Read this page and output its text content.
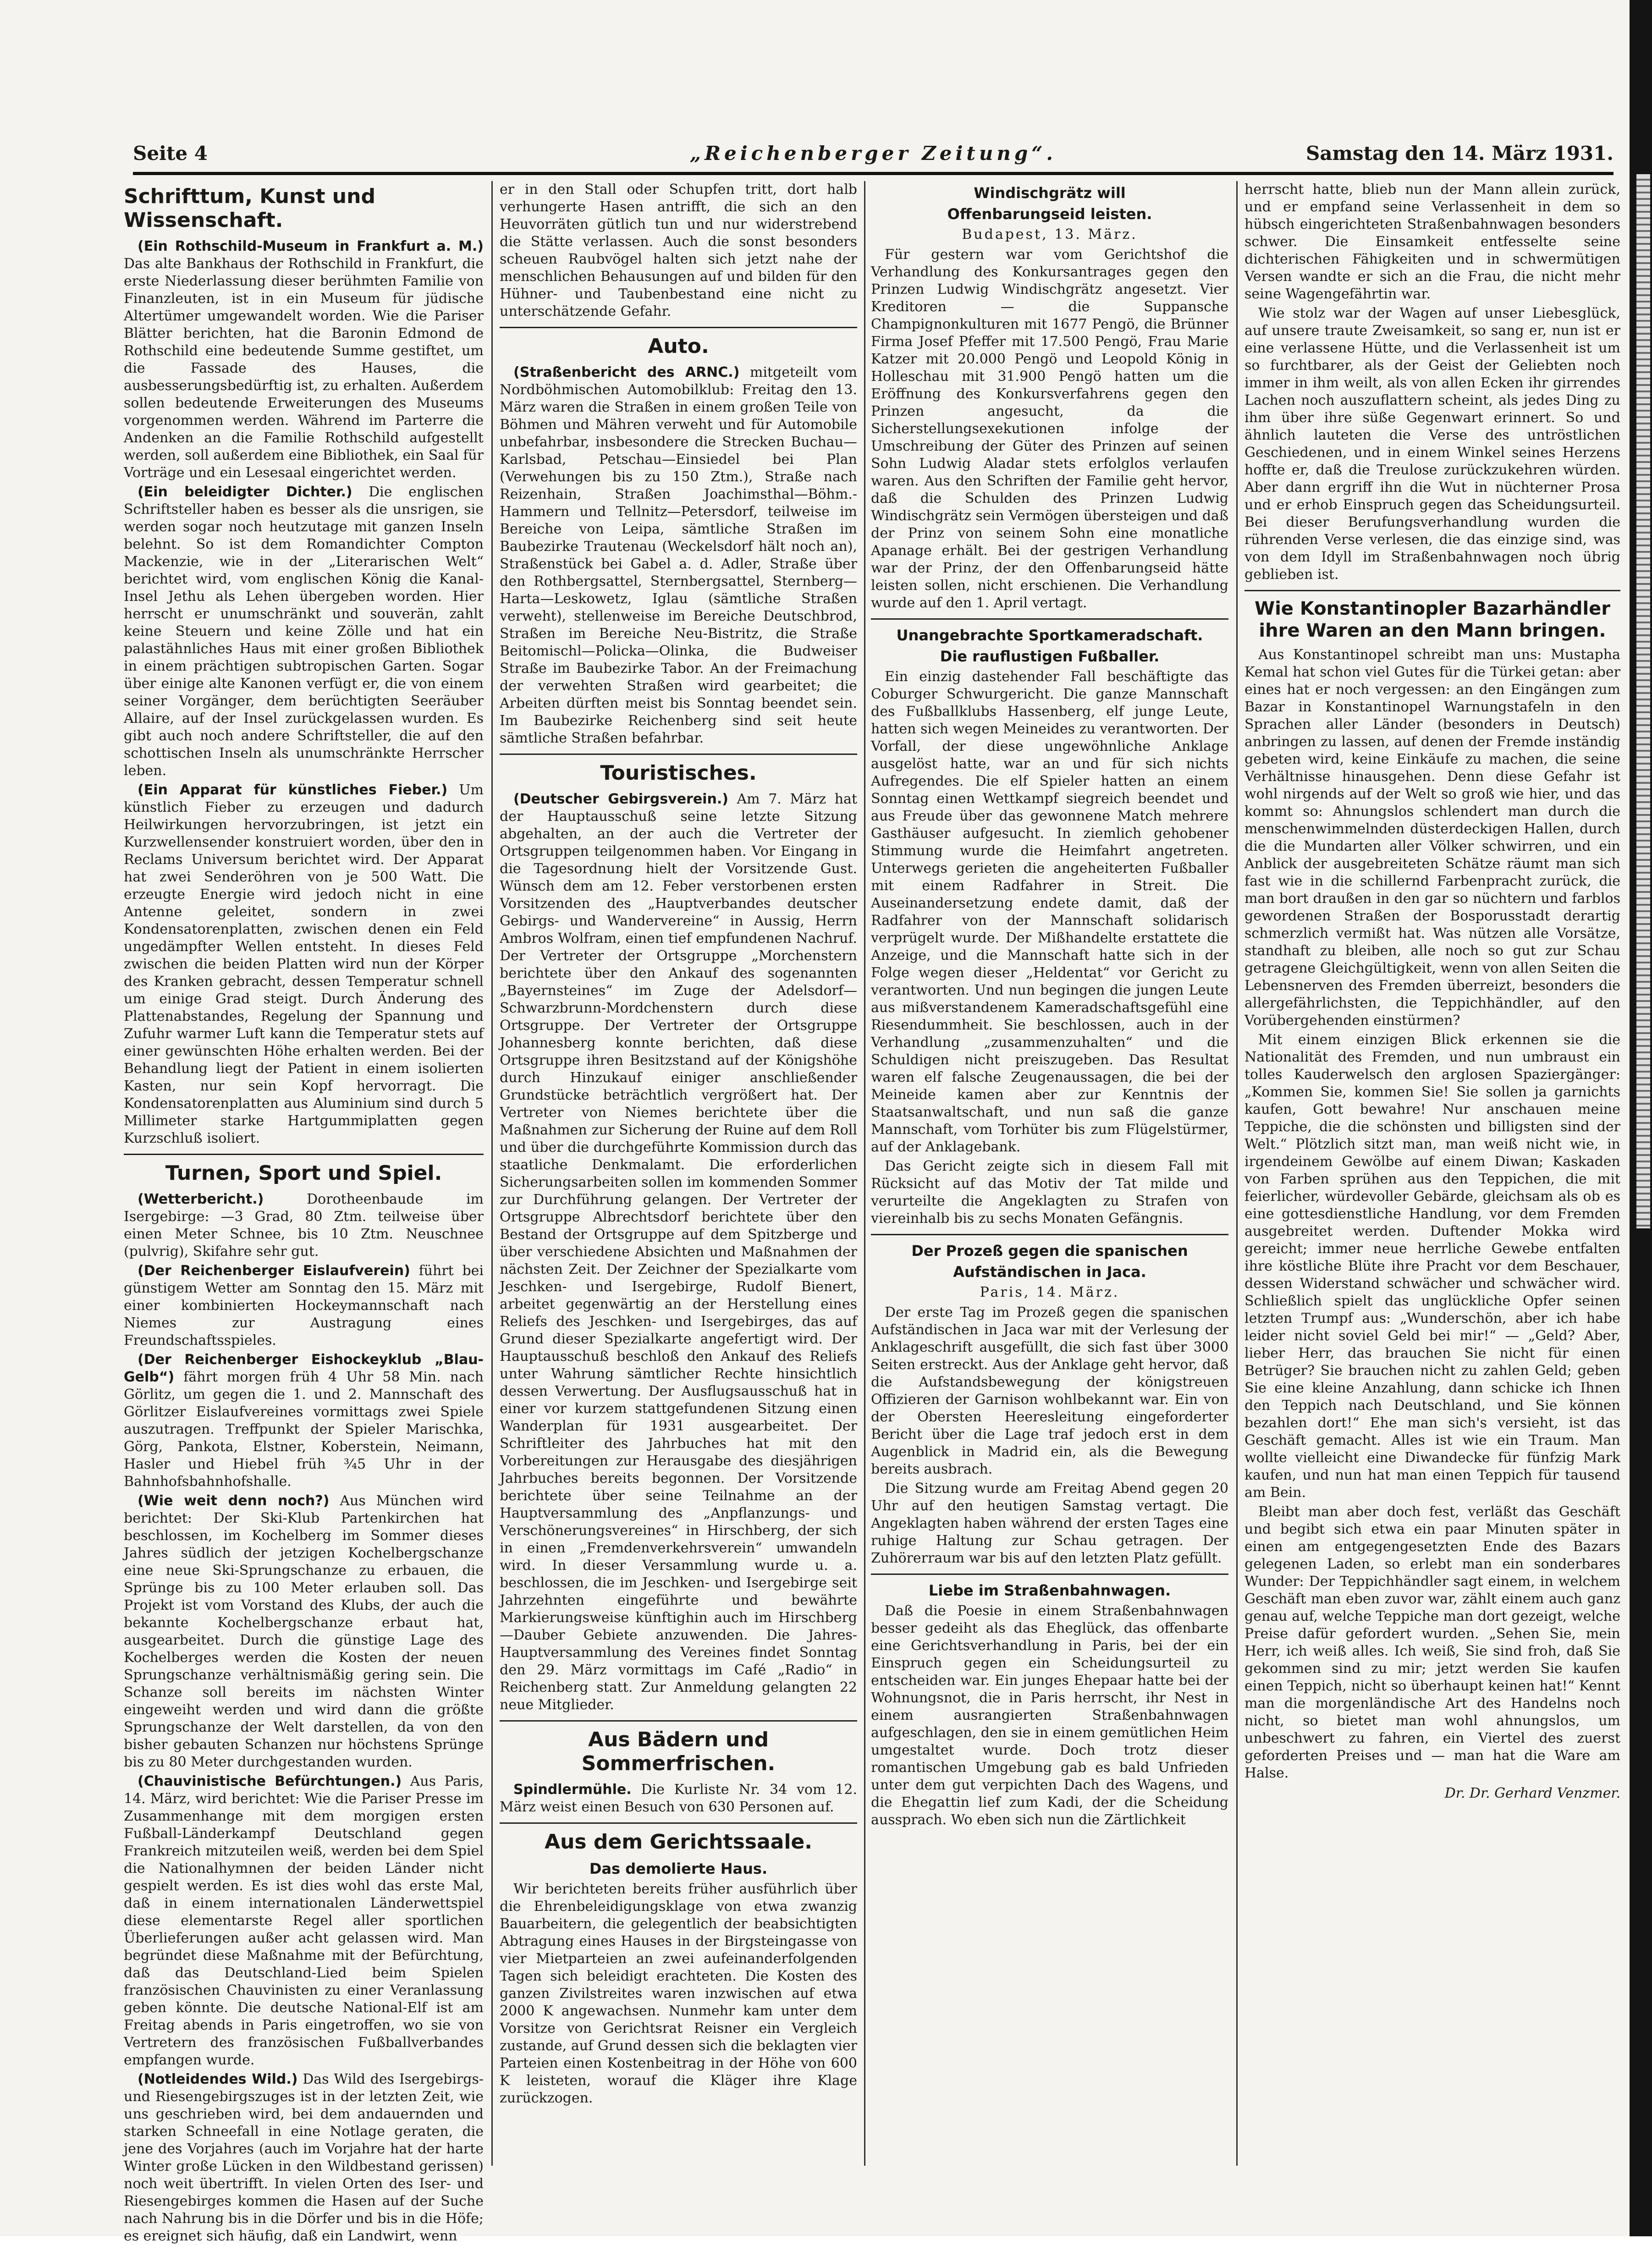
Seite 4	„Reichenberger Zeitung“.	Samstag den 14. März 1931.
Schrifttum, Kunst und Wissenschaft.

(Ein Rothschild-Museum in Frankfurt a. M.) Das alte Bankhaus der Rothschild in Frankfurt, die erste Niederlassung dieser berühmten Familie von Finanzleuten, ist in ein Museum für jüdische Altertümer umgewandelt worden. Wie die Pariser Blätter berichten, hat die Baronin Edmond de Rothschild eine bedeutende Summe gestiftet, um die Fassade des Hauses, die ausbesserungsbedürftig ist, zu erhalten. Außerdem sollen bedeutende Erweiterungen des Museums vorgenommen werden. Während im Parterre die Andenken an die Familie Rothschild aufgestellt werden, soll außerdem eine Bibliothek, ein Saal für Vorträge und ein Lesesaal eingerichtet werden.

(Ein beleidigter Dichter.) Die englischen Schriftsteller haben es besser als die unsrigen, sie werden sogar noch heutzutage mit ganzen Inseln belehnt. So ist dem Romandichter Compton Mackenzie, wie in der „Literarischen Welt“ berichtet wird, vom englischen König die Kanal-Insel Jethu als Lehen übergeben worden. Hier herrscht er unumschränkt und souverän, zahlt keine Steuern und keine Zölle und hat ein palastähnliches Haus mit einer großen Bibliothek in einem prächtigen subtropischen Garten. Sogar über einige alte Kanonen verfügt er, die von einem seiner Vorgänger, dem berüchtigten Seeräuber Allaire, auf der Insel zurückgelassen wurden. Es gibt auch noch andere Schriftsteller, die auf den schottischen Inseln als unumschränkte Herrscher leben.

(Ein Apparat für künstliches Fieber.) Um künstlich Fieber zu erzeugen und dadurch Heilwirkungen hervorzubringen, ist jetzt ein Kurzwellensender konstruiert worden, über den in Reclams Universum berichtet wird. Der Apparat hat zwei Senderöhren von je 500 Watt. Die erzeugte Energie wird jedoch nicht in eine Antenne geleitet, sondern in zwei Kondensatorenplatten, zwischen denen ein Feld ungedämpfter Wellen entsteht. In dieses Feld zwischen die beiden Platten wird nun der Körper des Kranken gebracht, dessen Temperatur schnell um einige Grad steigt. Durch Änderung des Plattenabstandes, Regelung der Spannung und Zufuhr warmer Luft kann die Temperatur stets auf einer gewünschten Höhe erhalten werden. Bei der Behandlung liegt der Patient in einem isolierten Kasten, nur sein Kopf hervorragt. Die Kondensatorenplatten aus Aluminium sind durch 5 Millimeter starke Hartgummiplatten gegen Kurzschluß isoliert.

Turnen, Sport und Spiel.

(Wetterbericht.)	Dorotheenbaude im Isergebirge: —3 Grad, 80 Ztm. teilweise über einen Meter Schnee, bis 10 Ztm. Neuschnee (pulvrig), Skifahre sehr gut.

(Der Reichenberger Eislaufverein) führt bei günstigem Wetter am Sonntag den 15. März mit einer kombinierten Hockeymannschaft nach Niemes zur Austragung eines Freundschaftsspieles.

(Der Reichenberger Eishockeyklub „Blau-Gelb“) fährt morgen früh 4 Uhr 58 Min. nach Görlitz, um gegen die 1. und 2. Mannschaft des Görlitzer Eislaufvereines vormittags zwei Spiele auszutragen. Treffpunkt der Spieler Marischka, Görg, Pankota, Elstner, Koberstein, Neimann, Hasler und Hiebel früh ¾5 Uhr in der Bahnhofsbahnhofshalle.

(Wie weit denn noch?) Aus München wird berichtet: Der Ski-Klub Partenkirchen hat beschlossen, im Kochelberg im Sommer dieses Jahres südlich der jetzigen Kochelbergschanze eine neue Ski-Sprungschanze zu erbauen, die Sprünge bis zu 100 Meter erlauben soll. Das Projekt ist vom Vorstand des Klubs, der auch die bekannte Kochelbergschanze erbaut hat, ausgearbeitet. Durch die günstige Lage des Kochelberges werden die Kosten der neuen Sprungschanze verhältnismäßig gering sein. Die Schanze soll bereits im nächsten Winter eingeweiht werden und wird dann die größte Sprungschanze der Welt darstellen, da von den bisher gebauten Schanzen nur höchstens Sprünge bis zu 80 Meter durchgestanden wurden.

(Chauvinistische Befürchtungen.) Aus Paris, 14. März, wird berichtet: Wie die Pariser Presse im Zusammenhange mit dem morgigen ersten Fußball-Länderkampf Deutschland gegen Frankreich mitzuteilen weiß, werden bei dem Spiel die Nationalhymnen der beiden Länder nicht gespielt werden. Es ist dies wohl das erste Mal, daß in einem internationalen Länderwettspiel diese elementarste Regel aller sportlichen Überlieferungen außer acht gelassen wird. Man begründet diese Maßnahme mit der Befürchtung, daß das Deutschland-Lied beim Spielen französischen Chauvinisten zu einer Veranlassung geben könnte. Die deutsche National-Elf ist am Freitag abends in Paris eingetroffen, wo sie von Vertretern des französischen Fußballverbandes empfangen wurde.

(Notleidendes Wild.) Das Wild des Isergebirgs- und Riesengebirgszuges ist in der letzten Zeit, wie uns geschrieben wird, bei dem andauernden und starken Schneefall in eine Notlage geraten, die jene des Vorjahres (auch im Vorjahre hat der harte Winter große Lücken in den Wildbestand gerissen) noch weit übertrifft. In vielen Orten des Iser- und Riesengebirges kommen die Hasen auf der Suche nach Nahrung bis in die Dörfer und bis in die Höfe; es ereignet sich häufig, daß ein Landwirt, wenn

er in den Stall oder Schupfen tritt, dort halb verhungerte Hasen antrifft, die sich an den Heuvorräten gütlich tun und nur widerstrebend die Stätte verlassen. Auch die sonst besonders scheuen Raubvögel halten sich jetzt nahe der menschlichen Behausungen auf und bilden für den Hühner- und Taubenbestand eine nicht zu unterschätzende Gefahr.

Auto.

(Straßenbericht des ARNC.) mitgeteilt vom Nordböhmischen Automobilklub: Freitag den 13. März waren die Straßen in einem großen Teile von Böhmen und Mähren verweht und für Automobile unbefahrbar, insbesondere die Strecken Buchau—Karlsbad, Petschau—Einsiedel bei Plan (Verwehungen bis zu 150 Ztm.), Straße nach Reizenhain, Straßen Joachimsthal—Böhm.-Hammern und Tellnitz—Petersdorf, teilweise im Bereiche von Leipa, sämtliche Straßen im Baubezirke Trautenau (Weckelsdorf hält noch an), Straßenstück bei Gabel a. d. Adler, Straße über den Rothbergsattel, Sternbergsattel, Sternberg—Harta—Leskowetz, Iglau (sämtliche Straßen verweht), stellenweise im Bereiche Deutschbrod, Straßen im Bereiche Neu-Bistritz, die Straße Beitomischl—Policka—Olinka, die Budweiser Straße im Baubezirke Tabor. An der Freimachung der verwehten Straßen wird gearbeitet; die Arbeiten dürften meist bis Sonntag beendet sein. Im Baubezirke Reichenberg sind seit heute sämtliche Straßen befahrbar.

Touristisches.

(Deutscher Gebirgsverein.) Am 7. März hat der Hauptausschuß seine letzte Sitzung abgehalten, an der auch die Vertreter der Ortsgruppen teilgenommen haben. Vor Eingang in die Tagesordnung hielt der Vorsitzende Gust. Wünsch dem am 12. Feber verstorbenen ersten Vorsitzenden des „Hauptverbandes deutscher Gebirgs- und Wandervereine“ in Aussig, Herrn Ambros Wolfram, einen tief empfundenen Nachruf. Der Vertreter der Ortsgruppe „Morchenstern berichtete über den Ankauf des sogenannten „Bayernsteines“ im Zuge der Adelsdorf—Schwarzbrunn-Mordchenstern durch diese Ortsgruppe. Der Vertreter der Ortsgruppe Johannesberg konnte berichten, daß diese Ortsgruppe ihren Besitzstand auf der Königshöhe durch Hinzukauf einiger anschließender Grundstücke beträchtlich vergrößert hat. Der Vertreter von Niemes berichtete über die Maßnahmen zur Sicherung der Ruine auf dem Roll und über die durchgeführte Kommission durch das staatliche Denkmalamt. Die erforderlichen Sicherungsarbeiten sollen im kommenden Sommer zur Durchführung gelangen. Der Vertreter der Ortsgruppe Albrechtsdorf berichtete über den Bestand der Ortsgruppe auf dem Spitzberge und über verschiedene Absichten und Maßnahmen der nächsten Zeit. Der Zeichner der Spezialkarte vom Jeschken- und Isergebirge, Rudolf Bienert, arbeitet gegenwärtig an der Herstellung eines Reliefs des Jeschken- und Isergebirges, das auf Grund dieser Spezialkarte angefertigt wird. Der Hauptausschuß beschloß den Ankauf des Reliefs unter Wahrung sämtlicher Rechte hinsichtlich dessen Verwertung. Der Ausflugsausschuß hat in einer vor kurzem stattgefundenen Sitzung einen Wanderplan für 1931 ausgearbeitet. Der Schriftleiter des Jahrbuches hat mit den Vorbereitungen zur Herausgabe des diesjährigen Jahrbuches bereits begonnen. Der Vorsitzende berichtete über seine Teilnahme an der Hauptversammlung des „Anpflanzungs- und Verschönerungsvereines“ in Hirschberg, der sich in einen „Fremdenverkehrsverein“ umwandeln wird. In dieser Versammlung wurde u. a. beschlossen, die im Jeschken- und Isergebirge seit Jahrzehnten eingeführte und bewährte Markierungsweise künftighin auch im Hirschberg—Dauber Gebiete anzuwenden. Die Jahres-Hauptversammlung des Vereines findet Sonntag den 29. März vormittags im Café „Radio“ in Reichenberg statt. Zur Anmeldung gelangten 22 neue Mitglieder.

Aus Bädern und Sommerfrischen.

Spindlermühle. Die Kurliste Nr. 34 vom 12. März weist einen Besuch von 630 Personen auf.

Aus dem Gerichtssaale.
Das demolierte Haus.

Wir berichteten bereits früher ausführlich über die Ehrenbeleidigungsklage von etwa zwanzig Bauarbeitern, die gelegentlich der beabsichtigten Abtragung eines Hauses in der Birgsteingasse von vier Mietparteien an zwei aufeinanderfolgenden Tagen sich beleidigt erachteten. Die Kosten des ganzen Zivilstreites waren inzwischen auf etwa 2000 K angewachsen. Nunmehr kam unter dem Vorsitze von Gerichtsrat Reisner ein Vergleich zustande, auf Grund dessen sich die beklagten vier Parteien einen Kostenbeitrag in der Höhe von 600 K leisteten, worauf die Kläger ihre Klage zurückzogen.

Windischgrätz will
Offenbarungseid leisten.
Budapest, 13. März.

Für gestern war vom Gerichtshof die Verhandlung des Konkursantrages gegen den Prinzen Ludwig Windischgrätz angesetzt. Vier Kreditoren — die Suppansche Champignonkulturen mit 1677 Pengö, die Brünner Firma Josef Pfeffer mit 17.500 Pengö, Frau Marie Katzer mit 20.000 Pengö und Leopold König in Holleschau mit 31.900 Pengö hatten um die Eröffnung des Konkursverfahrens gegen den Prinzen angesucht, da die Sicherstellungsexekutionen infolge der Umschreibung der Güter des Prinzen auf seinen Sohn Ludwig Aladar stets erfolglos verlaufen waren. Aus den Schriften der Familie geht hervor, daß die Schulden des Prinzen Ludwig Windischgrätz sein Vermögen übersteigen und daß der Prinz von seinem Sohn eine monatliche Apanage erhält. Bei der gestrigen Verhandlung war der Prinz, der den Offenbarungseid hätte leisten sollen, nicht erschienen. Die Verhandlung wurde auf den 1. April vertagt.

Unangebrachte Sportkameradschaft.
Die rauflustigen Fußballer.

Ein einzig dastehender Fall beschäftigte das Coburger Schwurgericht. Die ganze Mannschaft des Fußballklubs Hassenberg, elf junge Leute, hatten sich wegen Meineides zu verantworten. Der Vorfall, der diese ungewöhnliche Anklage ausgelöst hatte, war an und für sich nichts Aufregendes. Die elf Spieler hatten an einem Sonntag einen Wettkampf siegreich beendet und aus Freude über das gewonnene Match mehrere Gasthäuser aufgesucht. In ziemlich gehobener Stimmung wurde die Heimfahrt angetreten. Unterwegs gerieten die angeheiterten Fußballer mit einem Radfahrer in Streit. Die Auseinandersetzung endete damit, daß der Radfahrer von der Mannschaft solidarisch verprügelt wurde. Der Mißhandelte erstattete die Anzeige, und die Mannschaft hatte sich in der Folge wegen dieser „Heldentat“ vor Gericht zu verantworten. Und nun begingen die jungen Leute aus mißverstandenem Kameradschaftsgefühl eine Riesendummheit. Sie beschlossen, auch in der Verhandlung „zusammenzuhalten“ und die Schuldigen nicht preiszugeben. Das Resultat waren elf falsche Zeugenaussagen, die bei der Meineide kamen aber zur Kenntnis der Staatsanwaltschaft, und nun saß die ganze Mannschaft, vom Torhüter bis zum Flügelstürmer, auf der Anklagebank.

Das Gericht zeigte sich in diesem Fall mit Rücksicht auf das Motiv der Tat milde und verurteilte die Angeklagten zu Strafen von viereinhalb bis zu sechs Monaten Gefängnis.

Der Prozeß gegen die spanischen
Aufständischen in Jaca.
Paris, 14. März.

Der erste Tag im Prozeß gegen die spanischen Aufständischen in Jaca war mit der Verlesung der Anklageschrift ausgefüllt, die sich fast über 3000 Seiten erstreckt. Aus der Anklage geht hervor, daß die Aufstandsbewegung der königstreuen Offizieren der Garnison wohlbekannt war. Ein von der Obersten Heeresleitung eingeforderter Bericht über die Lage traf jedoch erst in dem Augenblick in Madrid ein, als die Bewegung bereits ausbrach.

Die Sitzung wurde am Freitag Abend gegen 20 Uhr auf den heutigen Samstag vertagt. Die Angeklagten haben während der ersten Tages eine ruhige Haltung zur Schau getragen. Der Zuhörerraum war bis auf den letzten Platz gefüllt.

Liebe im Straßenbahnwagen.

Daß die Poesie in einem Straßenbahnwagen besser gedeiht als das Eheglück, das offenbarte eine Gerichtsverhandlung in Paris, bei der ein Einspruch gegen ein Scheidungsurteil zu entscheiden war. Ein junges Ehepaar hatte bei der Wohnungsnot, die in Paris herrscht, ihr Nest in einem ausrangierten Straßenbahnwagen aufgeschlagen, den sie in einem gemütlichen Heim umgestaltet wurde. Doch trotz dieser romantischen Umgebung gab es bald Unfrieden unter dem gut verpichten Dach des Wagens, und die Ehegattin lief zum Kadi, der die Scheidung aussprach. Wo eben sich nun die Zärtlichkeit

herrscht hatte, blieb nun der Mann allein zurück, und er empfand seine Verlassenheit in dem so hübsch eingerichteten Straßenbahnwagen besonders schwer. Die Einsamkeit entfesselte seine dichterischen Fähigkeiten und in schwermütigen Versen wandte er sich an die Frau, die nicht mehr seine Wagengefährtin war.

Wie stolz war der Wagen auf unser Liebesglück, auf unsere traute Zweisamkeit, so sang er, nun ist er eine verlassene Hütte, und die Verlassenheit ist um so furchtbarer, als der Geist der Geliebten noch immer in ihm weilt, als von allen Ecken ihr girrendes Lachen noch auszuflattern scheint, als jedes Ding zu ihm über ihre süße Gegenwart erinnert. So und ähnlich lauteten die Verse des untröstlichen Geschiedenen, und in einem Winkel seines Herzens hoffte er, daß die Treulose zurückzukehren würden. Aber dann ergriff ihn die Wut in nüchterner Prosa und er erhob Einspruch gegen das Scheidungsurteil. Bei dieser Berufungsverhandlung wurden die rührenden Verse verlesen, die das einzige sind, was von dem Idyll im Straßenbahnwagen noch übrig geblieben ist.

Wie Konstantinopler Bazarhändler
ihre Waren an den Mann bringen.

Aus Konstantinopel schreibt man uns: Mustapha Kemal hat schon viel Gutes für die Türkei getan: aber eines hat er noch vergessen: an den Eingängen zum Bazar in Konstantinopel Warnungstafeln in den Sprachen aller Länder (besonders in Deutsch) anbringen zu lassen, auf denen der Fremde inständig gebeten wird, keine Einkäufe zu machen, die seine Verhältnisse hinausgehen. Denn diese Gefahr ist wohl nirgends auf der Welt so groß wie hier, und das kommt so: Ahnungslos schlendert man durch die menschenwimmelnden düsterdeckigen Hallen, durch die die Mundarten aller Völker schwirren, und ein Anblick der ausgebreiteten Schätze räumt man sich fast wie in die schillernd Farbenpracht zurück, die man bort draußen in den gar so nüchtern und farblos gewordenen Straßen der Bosporusstadt derartig schmerzlich vermißt hat. Was nützen alle Vorsätze, standhaft zu bleiben, alle noch so gut zur Schau getragene Gleichgültigkeit, wenn von allen Seiten die Lebensnerven des Fremden überreizt, besonders die allergefährlichsten, die Teppichhändler, auf den Vorübergehenden einstürmen?

Mit einem einzigen Blick erkennen sie die Nationalität des Fremden, und nun umbraust ein tolles Kauderwelsch den arglosen Spaziergänger: „Kommen Sie, kommen Sie! Sie sollen ja garnichts kaufen, Gott bewahre! Nur anschauen meine Teppiche, die die schönsten und billigsten sind der Welt.“ Plötzlich sitzt man, man weiß nicht wie, in irgendeinem Gewölbe auf einem Diwan; Kaskaden von Farben sprühen aus den Teppichen, die mit feierlicher, würdevoller Gebärde, gleichsam als ob es eine gottesdienstliche Handlung, vor dem Fremden ausgebreitet werden. Duftender Mokka wird gereicht; immer neue herrliche Gewebe entfalten ihre köstliche Blüte ihre Pracht vor dem Beschauer, dessen Widerstand schwächer und schwächer wird. Schließlich spielt das unglückliche Opfer seinen letzten Trumpf aus: „Wunderschön, aber ich habe leider nicht soviel Geld bei mir!“ — „Geld? Aber, lieber Herr, das brauchen Sie nicht für einen Betrüger? Sie brauchen nicht zu zahlen Geld; geben Sie eine kleine Anzahlung, dann schicke ich Ihnen den Teppich nach Deutschland, und Sie können bezahlen dort!“ Ehe man sich's versieht, ist das Geschäft gemacht. Alles ist wie ein Traum. Man wollte vielleicht eine Diwandecke für fünfzig Mark kaufen, und nun hat man einen Teppich für tausend am Bein.

Bleibt man aber doch fest, verläßt das Geschäft und begibt sich etwa ein paar Minuten später in einen am entgegengesetzten Ende des Bazars gelegenen Laden, so erlebt man ein sonderbares Wunder: Der Teppichhändler sagt einem, in welchem Geschäft man eben zuvor war, zählt einem auch ganz genau auf, welche Teppiche man dort gezeigt, welche Preise dafür gefordert wurden. „Sehen Sie, mein Herr, ich weiß alles. Ich weiß, Sie sind froh, daß Sie gekommen sind zu mir; jetzt werden Sie kaufen einen Teppich, nicht so überhaupt keinen hat!“ Kennt man die morgenländische Art des Handelns noch nicht, so bietet man wohl ahnungslos, um unbeschwert zu fahren, ein Viertel des zuerst geforderten Preises und — man hat die Ware am Halse.

Dr. Dr. Gerhard Venzmer.
